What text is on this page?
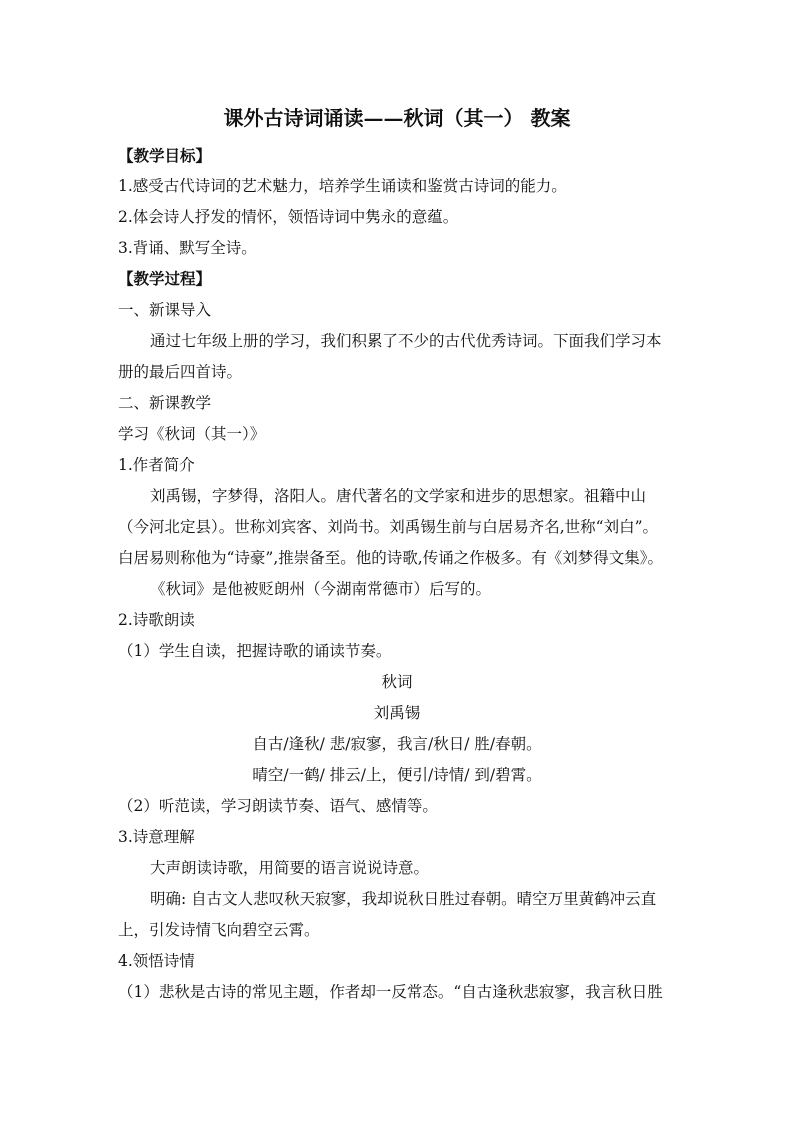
课外古诗词诵读——秋词（其一） 教案
【教学目标】
1.感受古代诗词的艺术魅力，培养学生诵读和鉴赏古诗词的能力。
2.体会诗人抒发的情怀，领悟诗词中隽永的意蕴。
3.背诵、默写全诗。
【教学过程】
一、新课导入
通过七年级上册的学习，我们积累了不少的古代优秀诗词。下面我们学习本
册的最后四首诗。
二、新课教学
学习《秋词（其一）》
1.作者简介
刘禹锡，字梦得，洛阳人。唐代著名的文学家和进步的思想家。祖籍中山
（今河北定县）。世称刘宾客、刘尚书。刘禹锡生前与白居易齐名,世称“刘白”。
白居易则称他为“诗豪”,推崇备至。他的诗歌,传诵之作极多。有《刘梦得文集》。
《秋词》是他被贬朗州（今湖南常德市）后写的。
2.诗歌朗读
（1）学生自读，把握诗歌的诵读节奏。
秋词
刘禹锡
自古/逢秋/ 悲/寂寥，我言/秋日/ 胜/春朝。
晴空/一鹤/ 排云/上，便引/诗情/ 到/碧霄。
（2）听范读，学习朗读节奏、语气、感情等。
3.诗意理解
大声朗读诗歌，用简要的语言说说诗意。
明确: 自古文人悲叹秋天寂寥，我却说秋日胜过春朝。晴空万里黄鹤冲云直
上，引发诗情飞向碧空云霄。
4.领悟诗情
（1）悲秋是古诗的常见主题，作者却一反常态。“自古逢秋悲寂寥，我言秋日胜
